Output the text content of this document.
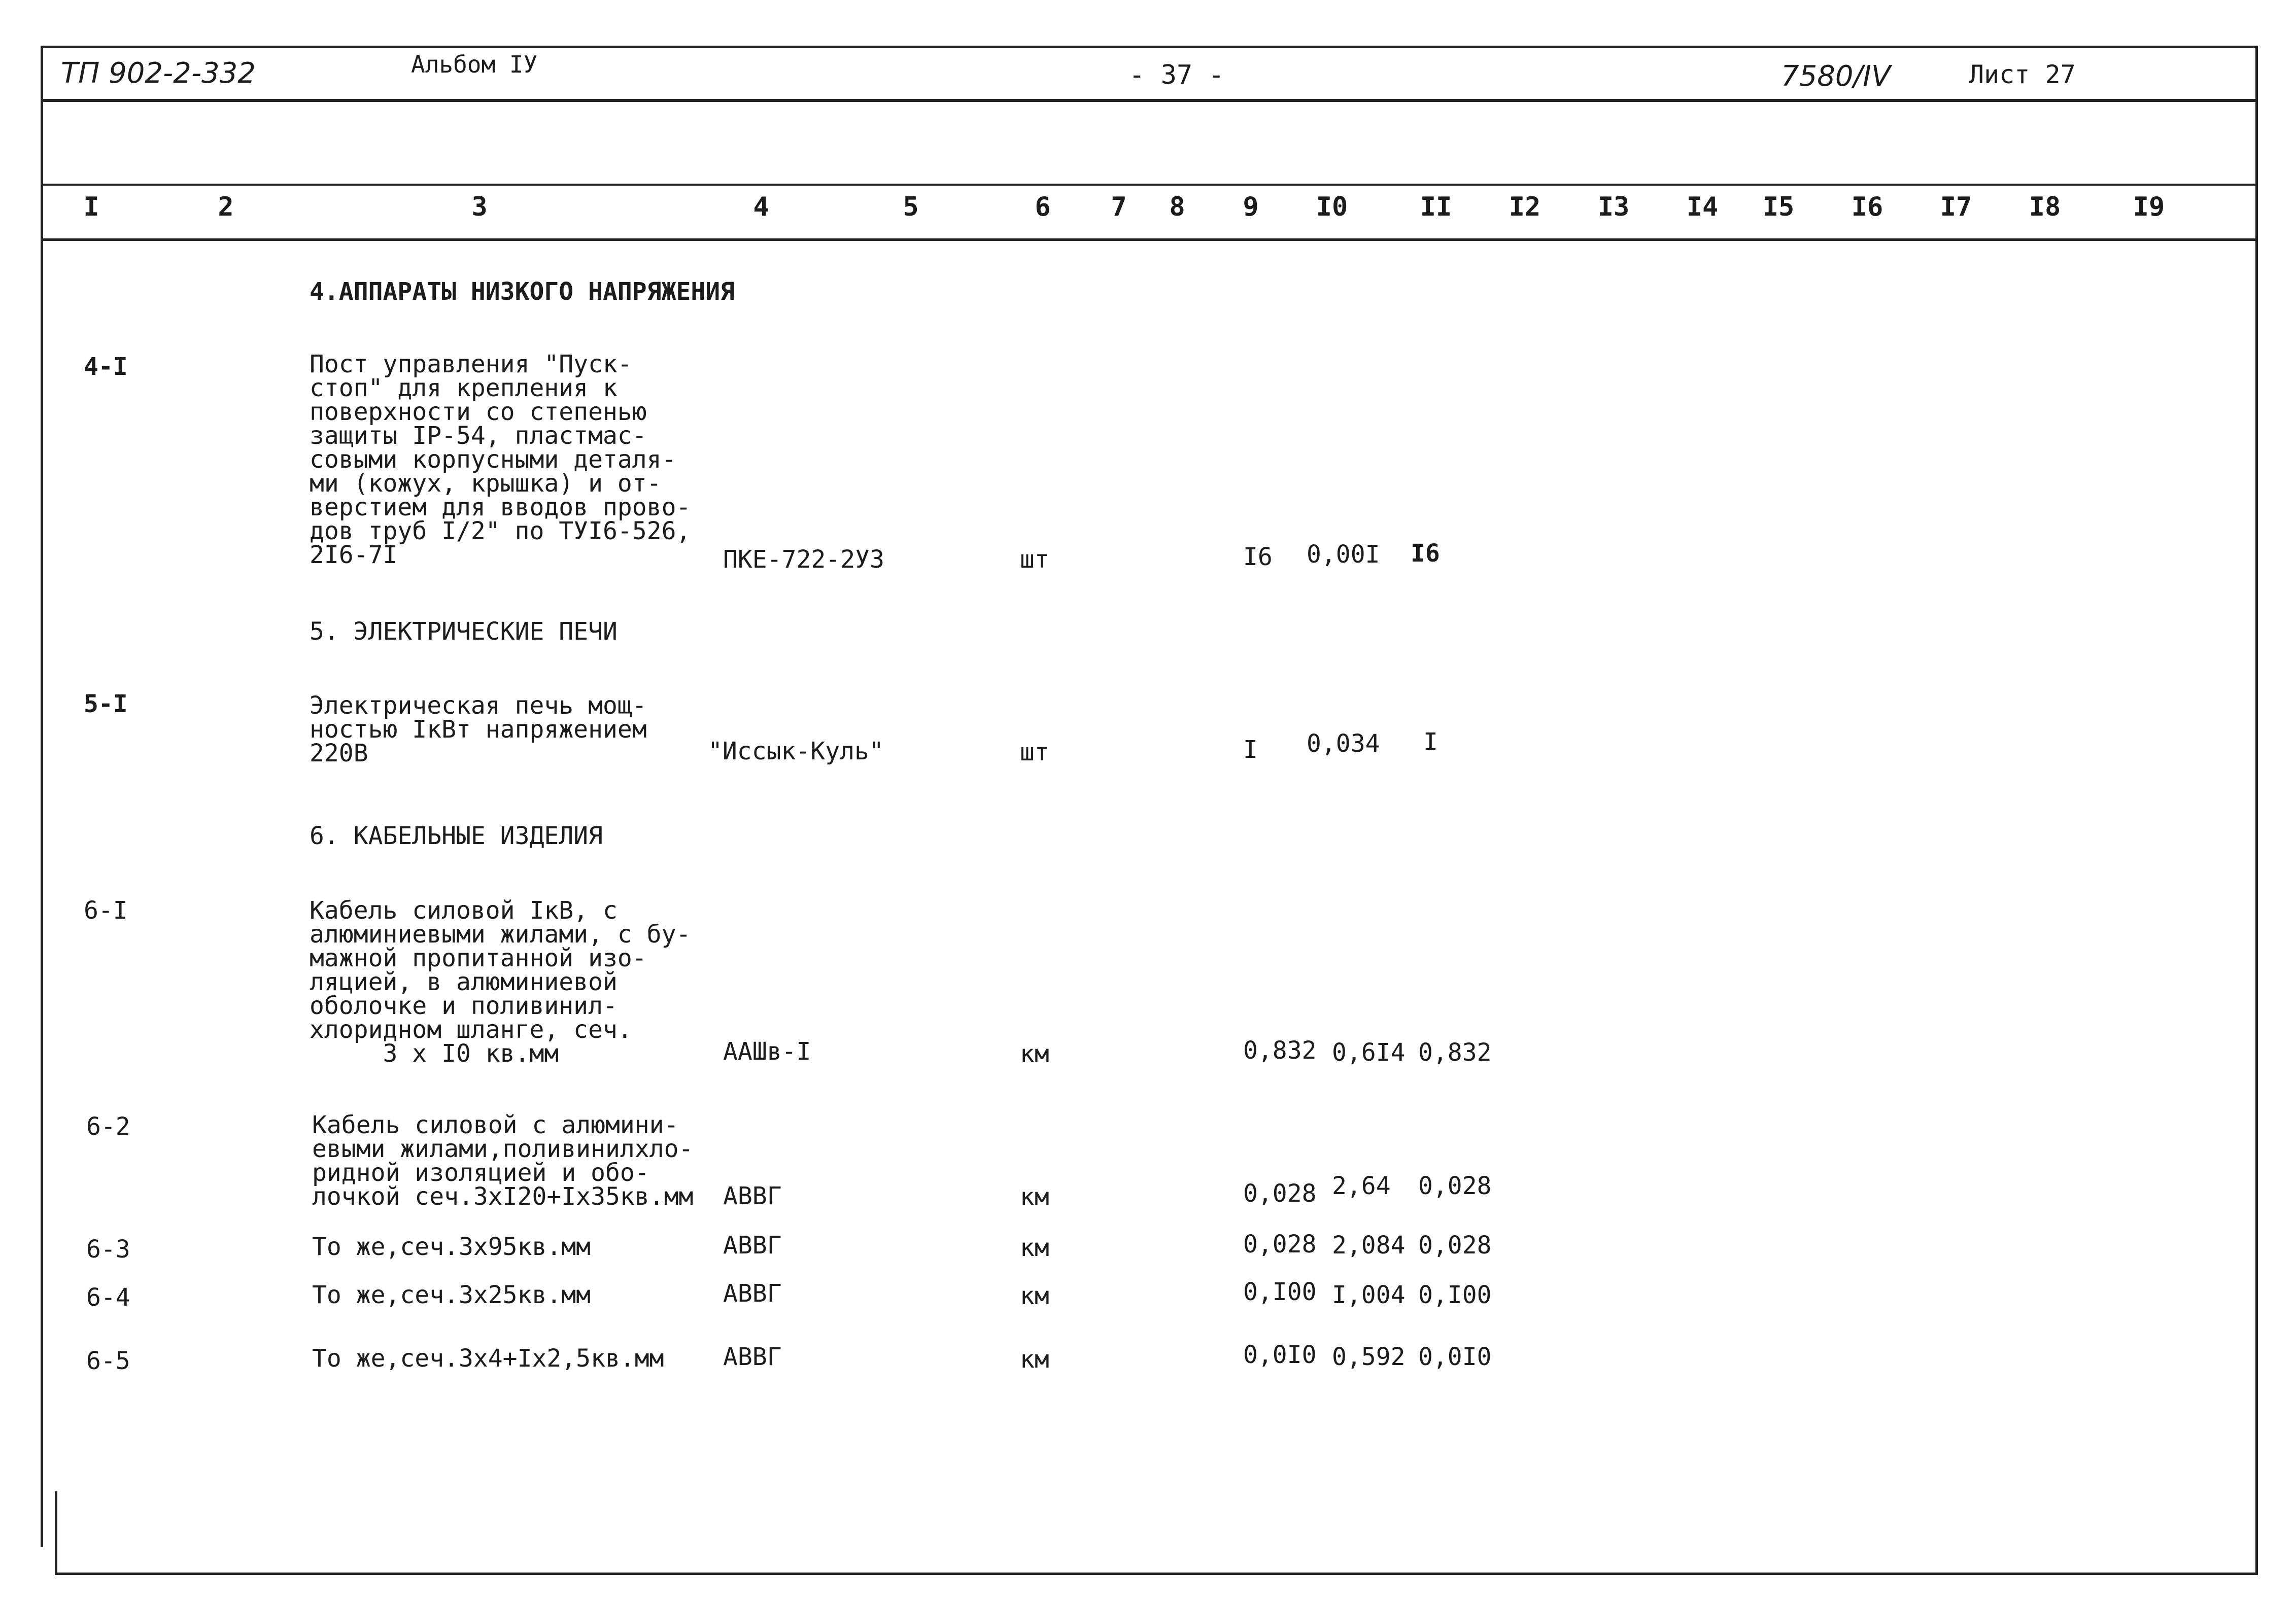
ТП 902-2-332	Альбом IУ	- 37 -	7580/IV	Лист 27
I	2	3	4	5	6	7	8	9	I0	II	I2	I3	I4	I5	I6	I7	I8	I9
4.АППАРАТЫ НИЗКОГО НАПРЯЖЕНИЯ
4-I	Пост управления "Пуск-
стоп" для крепления к
поверхности со степенью
защиты IP-54, пластмас-
совыми корпусными деталя-
ми (кожух, крышка) и от-
верстием для вводов прово-
дов труб I/2" по ТУI6-526,
2I6-7I	ПКЕ-722-2У3	шт	I6 0,00I I6
5. ЭЛЕКТРИЧЕСКИЕ ПЕЧИ
5-I	Электрическая печь мощ-
ностью IкВт напряжением
220В	"Иссык-Куль"	шт	I 0,034 I
6. КАБЕЛЬНЫЕ ИЗДЕЛИЯ
6-I	Кабель силовой IкВ, с
алюминиевыми жилами, с бу-
мажной пропитанной изо-
ляцией, в алюминиевой
оболочке и поливинил-
хлоридном шланге, сеч.
3 х I0 кв.мм	ААШв-I	км	0,832 0,6I4 0,832
6-2	Кабель силовой с алюмини-
евыми жилами,поливинилхло-
ридной изоляцией и обо-
лочкой сеч.3хI20+Iх35кв.мм АВВГ	км	0,028 2,64 0,028
6-3	То же,сеч.3х95кв.мм	АВВГ	км	0,028 2,084 0,028
6-4	То же,сеч.3х25кв.мм	АВВГ	км	0,I00 I,004 0,I00
6-5	То же,сеч.3х4+Iх2,5кв.мм АВВГ	км	0,0I0 0,592 0,0I0
